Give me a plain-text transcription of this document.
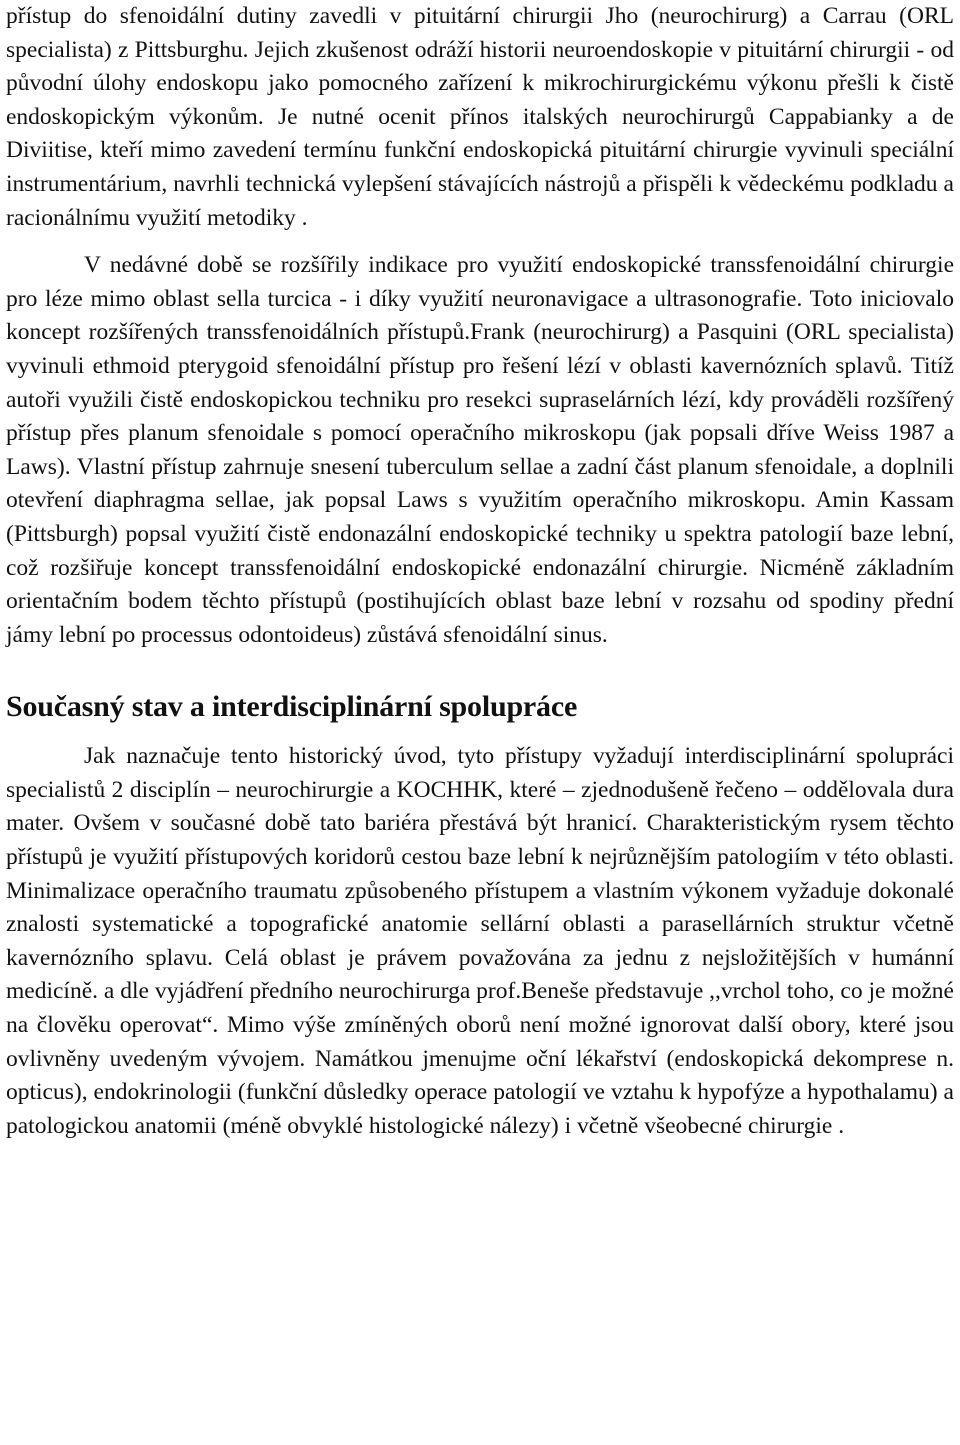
přístup do sfenoidální dutiny zavedli v pituitární chirurgii Jho (neurochirurg) a Carrau (ORL specialista) z Pittsburghu. Jejich zkušenost odráží historii neuroendoskopie v pituitární chirurgii - od původní úlohy endoskopu jako pomocného zařízení k mikrochirurgickému výkonu přešli k čistě endoskopickým výkonům. Je nutné ocenit přínos italských neurochirurgů Cappabianky a de Diviitise, kteří mimo zavedení termínu funkční endoskopická pituitární chirurgie vyvinuli speciální instrumentárium, navrhli technická vylepšení stávajících nástrojů a přispěli k vědeckému podkladu a racionálnímu využití metodiky .

V nedávné době se rozšířily indikace pro využití endoskopické transsfenoidální chirurgie pro léze mimo oblast sella turcica - i díky využití neuronavigace a ultrasonografie. Toto iniciovalo koncept rozšířených transsfenoidálních přístupů.Frank (neurochirurg) a Pasquini (ORL specialista) vyvinuli ethmoid pterygoid sfenoidální přístup pro řešení lézí v oblasti kavernózních splavů. Titíž autoři využili čistě endoskopickou techniku pro resekci supraselárních lézí, kdy prováděli rozšířený přístup přes planum sfenoidale s pomocí operačního mikroskopu (jak popsali dříve Weiss 1987 a Laws). Vlastní přístup zahrnuje snesení tuberculum sellae a zadní část planum sfenoidale, a doplnili otevření diaphragma sellae, jak popsal Laws s využitím operačního mikroskopu. Amin Kassam (Pittsburgh) popsal využití čistě endonazální endoskopické techniky u spektra patologií baze lební, což rozšiřuje koncept transsfenoidální endoskopické endonazální chirurgie. Nicméně základním orientačním bodem těchto přístupů (postihujících oblast baze lební v rozsahu od spodiny přední jámy lební po processus odontoideus) zůstává sfenoidální sinus.

Současný stav a interdisciplinární spolupráce

Jak naznačuje tento historický úvod, tyto přístupy vyžadují interdisciplinární spolupráci specialistů 2 disciplín – neurochirurgie a KOCHHK, které – zjednodušeně řečeno – oddělovala dura mater. Ovšem v současné době tato bariéra přestává být hranicí. Charakteristickým rysem těchto přístupů je využití přístupových koridorů cestou baze lební k nejrůznějším patologiím v této oblasti. Minimalizace operačního traumatu způsobeného přístupem a vlastním výkonem vyžaduje dokonalé znalosti systematické a topografické anatomie sellární oblasti a parasellárních struktur včetně kavernózního splavu. Celá oblast je právem považována za jednu z nejsložitějších v humánní medicíně. a dle vyjádření předního neurochirurga prof.Beneše představuje ,,vrchol toho, co je možné na člověku operovat“. Mimo výše zmíněných oborů není možné ignorovat další obory, které jsou ovlivněny uvedeným vývojem. Namátkou jmenujme oční lékařství (endoskopická dekomprese n. opticus), endokrinologii (funkční důsledky operace patologií ve vztahu k hypofýze a hypothalamu) a patologickou anatomii (méně obvyklé histologické nálezy) i včetně všeobecné chirurgie .
